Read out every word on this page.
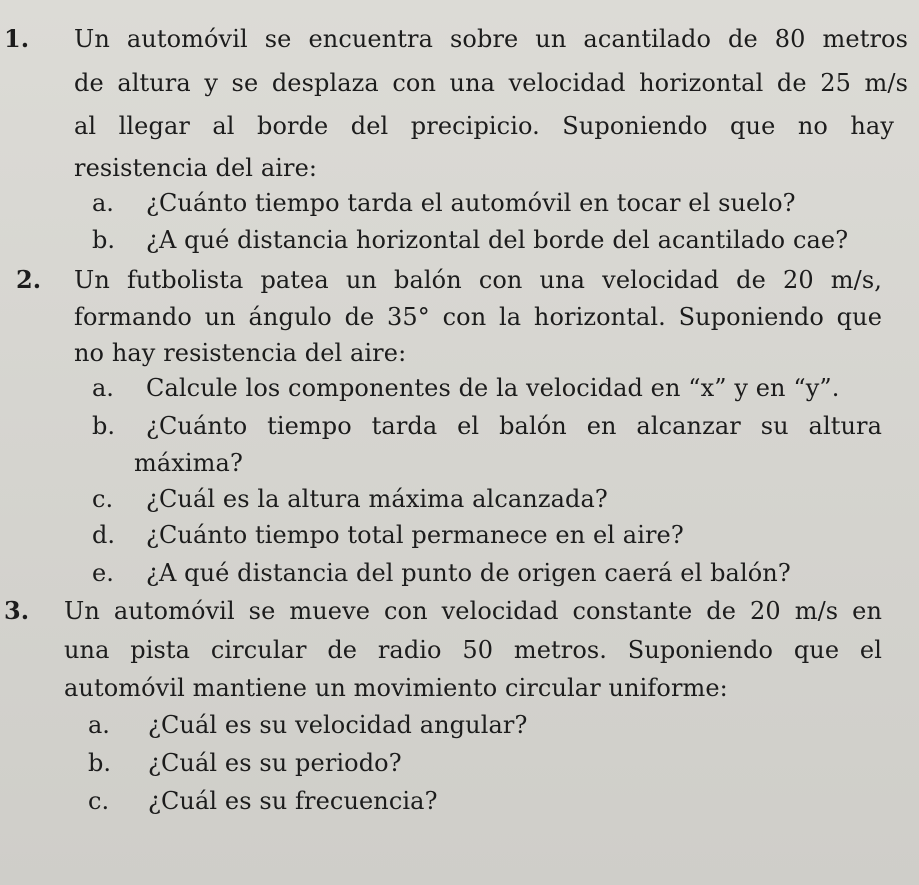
1. Un automóvil se encuentra sobre un acantilado de 80 metros
de altura y se desplaza con una velocidad horizontal de 25 m/s
al llegar al borde del precipicio. Suponiendo que no hay
resistencia del aire:
a. ¿Cuánto tiempo tarda el automóvil en tocar el suelo?
b. ¿A qué distancia horizontal del borde del acantilado cae?
2. Un futbolista patea un balón con una velocidad de 20 m/s,
formando un ángulo de 35° con la horizontal. Suponiendo que
no hay resistencia del aire:
a. Calcule los componentes de la velocidad en “x” y en “y”.
b. ¿Cuánto tiempo tarda el balón en alcanzar su altura
máxima?
c. ¿Cuál es la altura máxima alcanzada?
d. ¿Cuánto tiempo total permanece en el aire?
e. ¿A qué distancia del punto de origen caerá el balón?
3. Un automóvil se mueve con velocidad constante de 20 m/s en
una pista circular de radio 50 metros. Suponiendo que el
automóvil mantiene un movimiento circular uniforme:
a. ¿Cuál es su velocidad angular?
b. ¿Cuál es su periodo?
c. ¿Cuál es su frecuencia?
